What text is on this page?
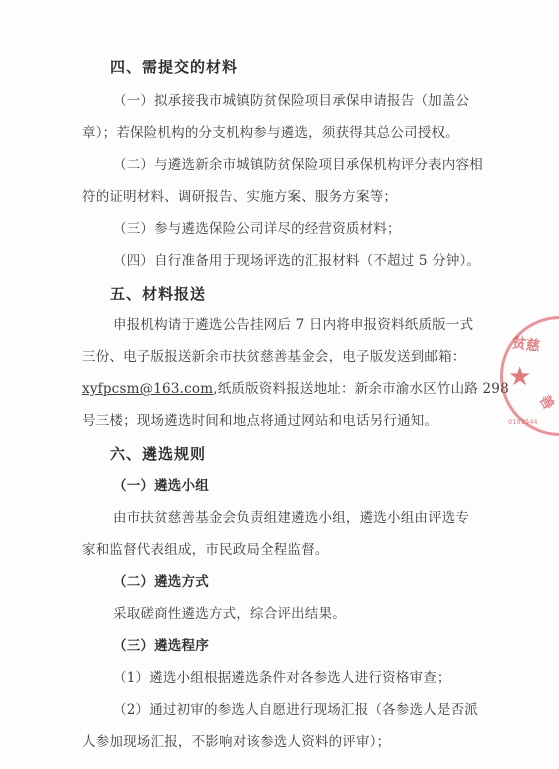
四、需提交的材料
（一）拟承接我市城镇防贫保险项目承保申请报告（加盖公
章）；若保险机构的分支机构参与遴选，须获得其总公司授权。
（二）与遴选新余市城镇防贫保险项目承保机构评分表内容相
符的证明材料、调研报告、实施方案、服务方案等；
（三）参与遴选保险公司详尽的经营资质材料；
（四）自行准备用于现场评选的汇报材料（不超过 5 分钟）。
五、材料报送
申报机构请于遴选公告挂网后 7 日内将申报资料纸质版一式
三份、电子版报送新余市扶贫慈善基金会，电子版发送到邮箱：
xyfpcsm@163.com,纸质版资料报送地址：新余市渝水区竹山路 298
号三楼；现场遴选时间和地点将通过网站和电话另行通知。
六、遴选规则
（一）遴选小组
由市扶贫慈善基金会负责组建遴选小组，遴选小组由评选专
家和监督代表组成，市民政局全程监督。
（二）遴选方式
采取磋商性遴选方式，综合评出结果。
（三）遴选程序
（1）遴选小组根据遴选条件对各参选人进行资格审查；
（2）通过初审的参选人自愿进行现场汇报（各参选人是否派
人参加现场汇报，不影响对该参选人资料的评审）；
贫慈
善
★
0103544
